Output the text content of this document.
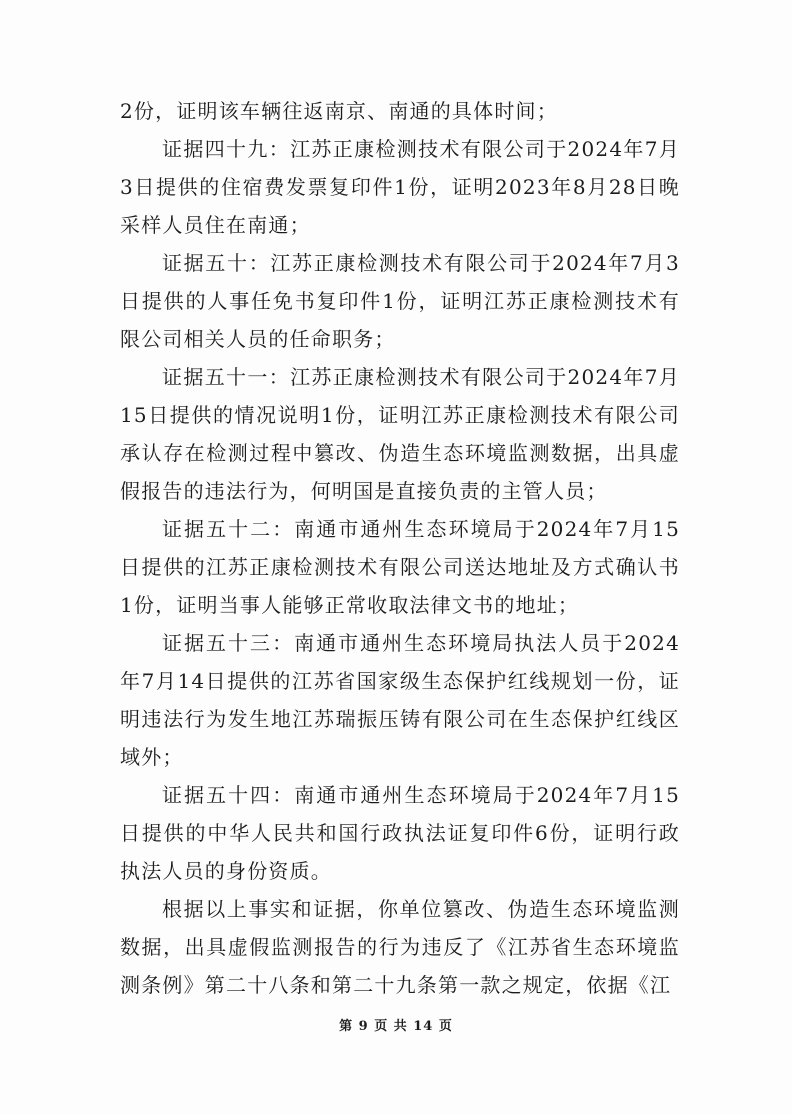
2份，证明该车辆往返南京、南通的具体时间；

证据四十九：江苏正康检测技术有限公司于2024年7月3日提供的住宿费发票复印件1份，证明2023年8月28日晚采样人员住在南通；

证据五十：江苏正康检测技术有限公司于2024年7月3日提供的人事任免书复印件1份，证明江苏正康检测技术有限公司相关人员的任命职务；

证据五十一：江苏正康检测技术有限公司于2024年7月15日提供的情况说明1份，证明江苏正康检测技术有限公司承认存在检测过程中篡改、伪造生态环境监测数据，出具虚假报告的违法行为，何明国是直接负责的主管人员；

证据五十二：南通市通州生态环境局于2024年7月15日提供的江苏正康检测技术有限公司送达地址及方式确认书1份，证明当事人能够正常收取法律文书的地址；

证据五十三：南通市通州生态环境局执法人员于2024年7月14日提供的江苏省国家级生态保护红线规划一份，证明违法行为发生地江苏瑞振压铸有限公司在生态保护红线区域外；

证据五十四：南通市通州生态环境局于2024年7月15日提供的中华人民共和国行政执法证复印件6份，证明行政执法人员的身份资质。

根据以上事实和证据，你单位篡改、伪造生态环境监测数据，出具虚假监测报告的行为违反了《江苏省生态环境监测条例》第二十八条和第二十九条第一款之规定，依据《江

第 9 页 共 14 页
